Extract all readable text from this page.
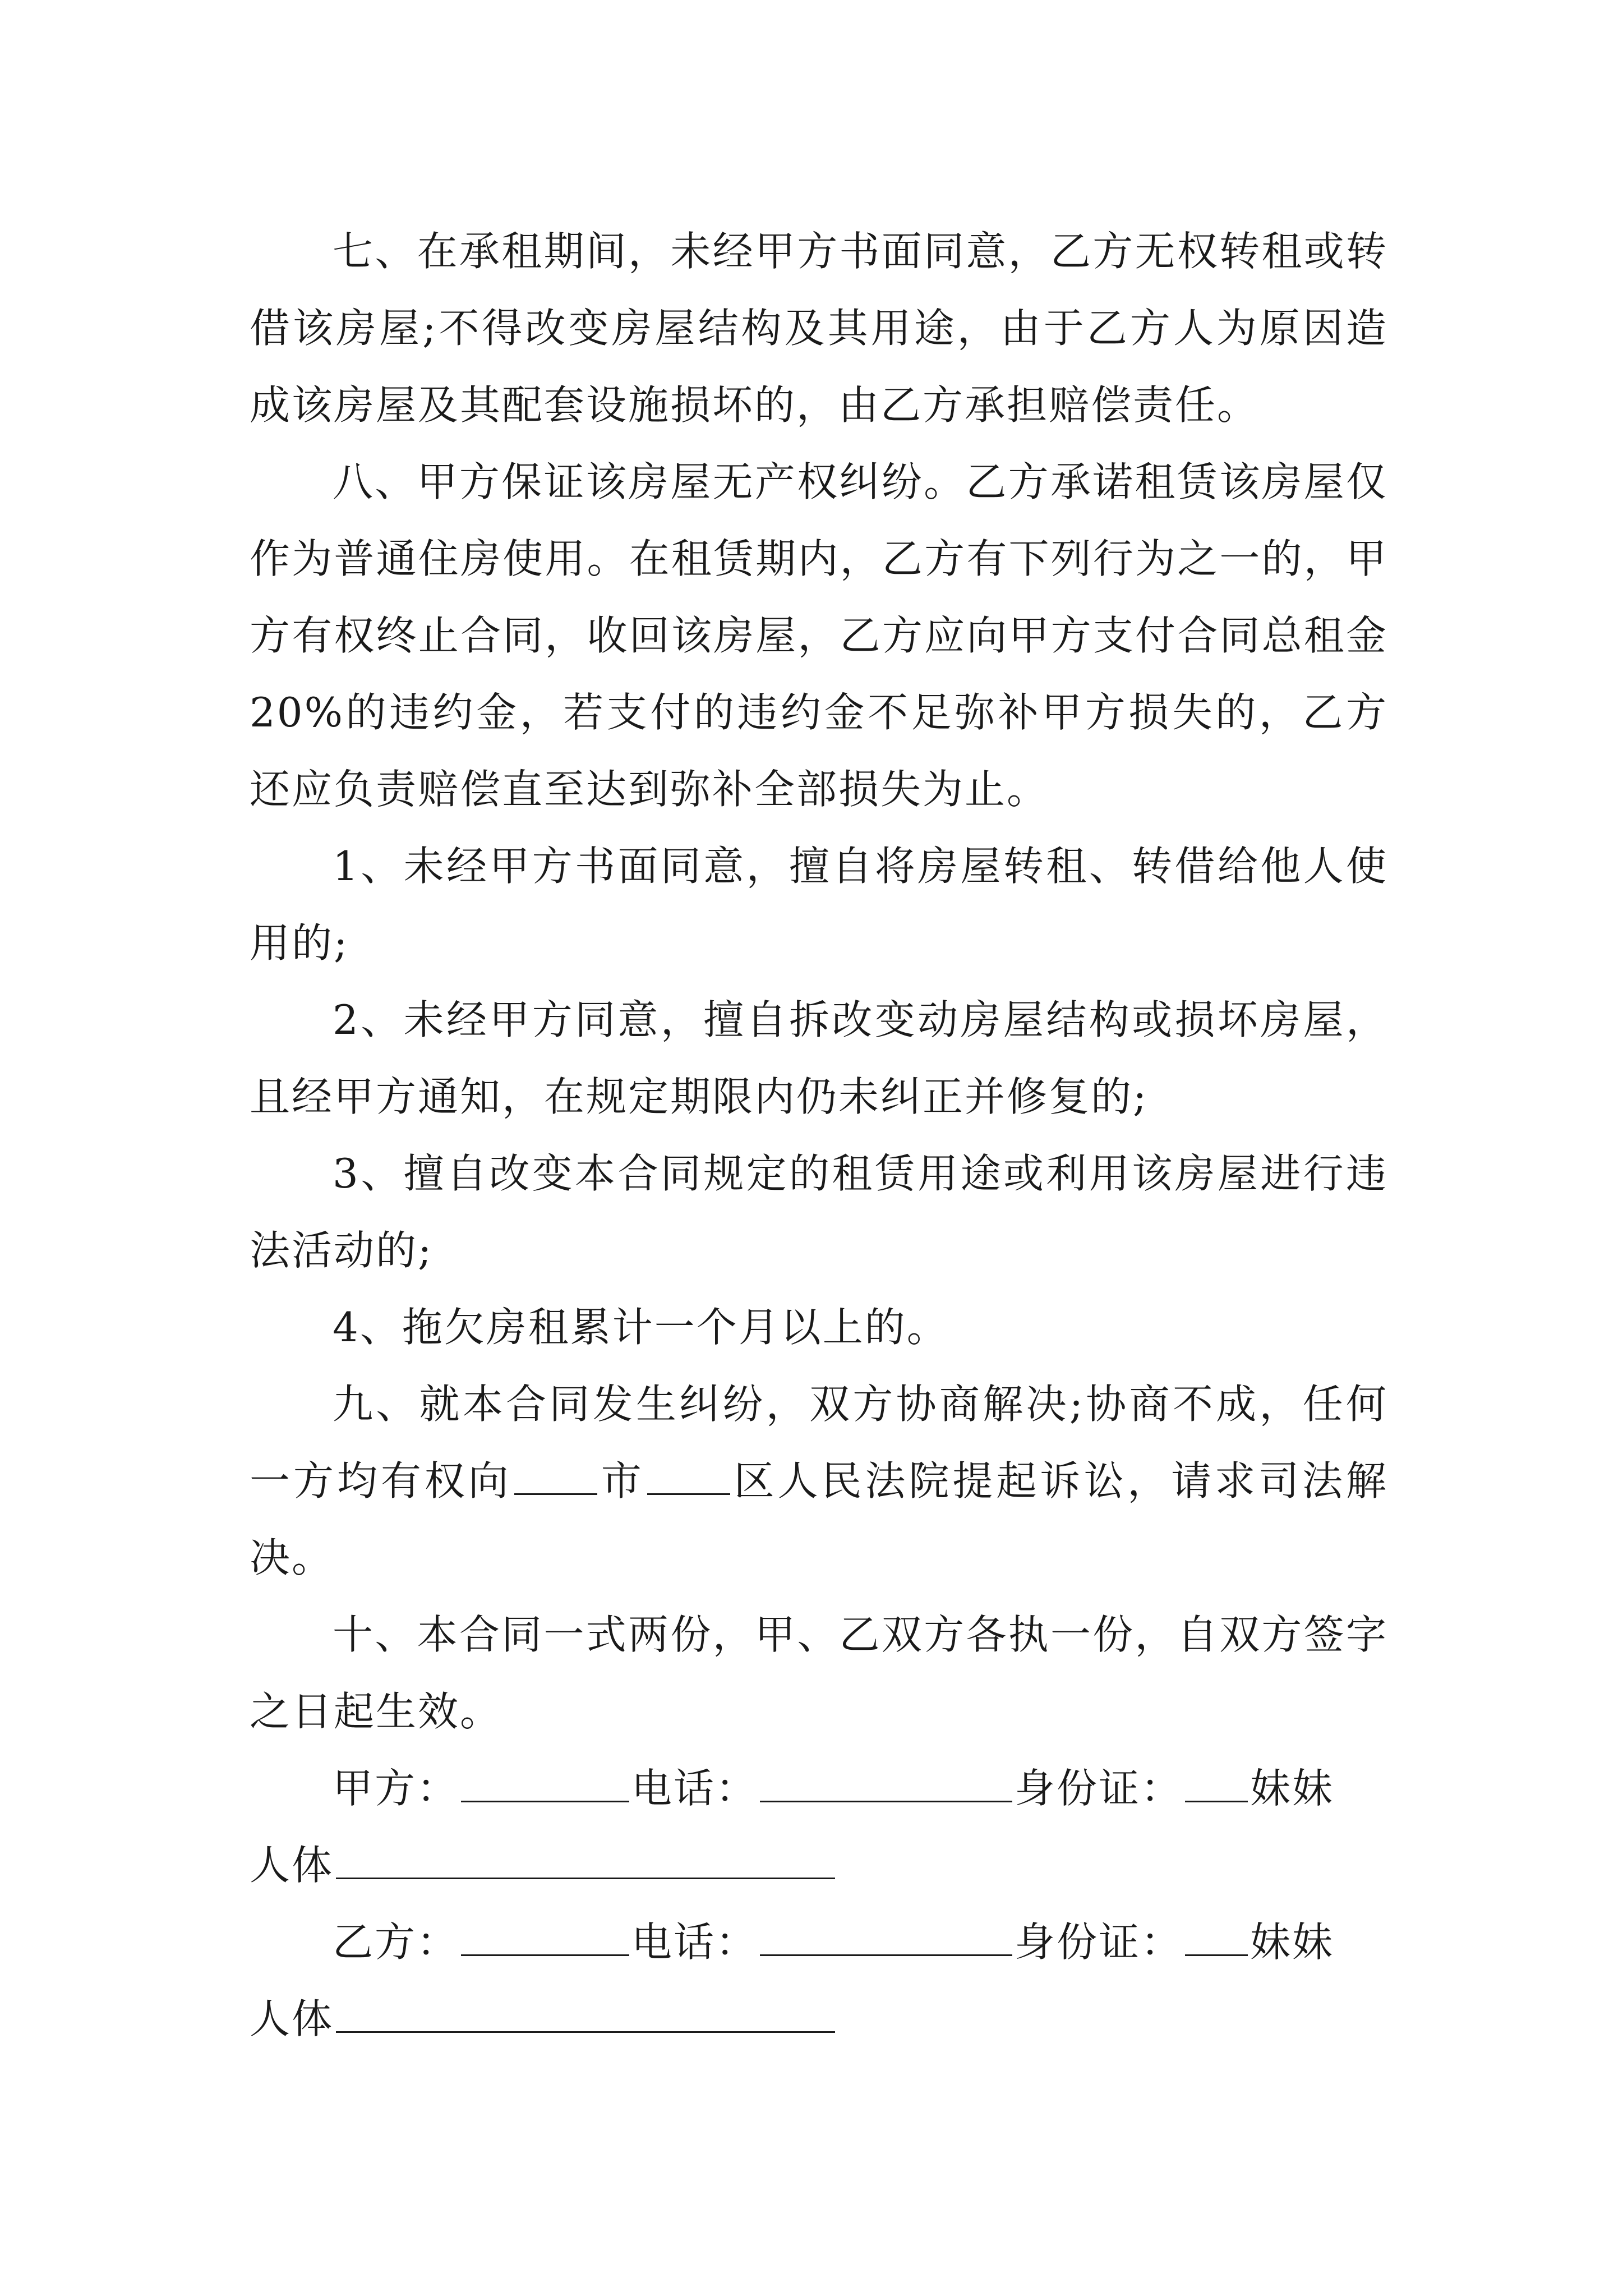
七、在承租期间，未经甲方书面同意，乙方无权转租或转借该房屋;不得改变房屋结构及其用途，由于乙方人为原因造成该房屋及其配套设施损坏的，由乙方承担赔偿责任。

八、甲方保证该房屋无产权纠纷。乙方承诺租赁该房屋仅作为普通住房使用。在租赁期内，乙方有下列行为之一的，甲方有权终止合同，收回该房屋，乙方应向甲方支付合同总租金 20%的违约金，若支付的违约金不足弥补甲方损失的，乙方还应负责赔偿直至达到弥补全部损失为止。

1、未经甲方书面同意，擅自将房屋转租、转借给他人使用的;

2、未经甲方同意，擅自拆改变动房屋结构或损坏房屋，且经甲方通知，在规定期限内仍未纠正并修复的;

3、擅自改变本合同规定的租赁用途或利用该房屋进行违法活动的;

4、拖欠房租累计一个月以上的。

九、就本合同发生纠纷，双方协商解决;协商不成，任何一方均有权向 市 区人民法院提起诉讼，请求司法解决。

十、本合同一式两份，甲、乙双方各执一份，自双方签字之日起生效。

甲方：	电话：	身份证： 妹妹

人体

乙方：	电话：	身份证： 妹妹

人体
